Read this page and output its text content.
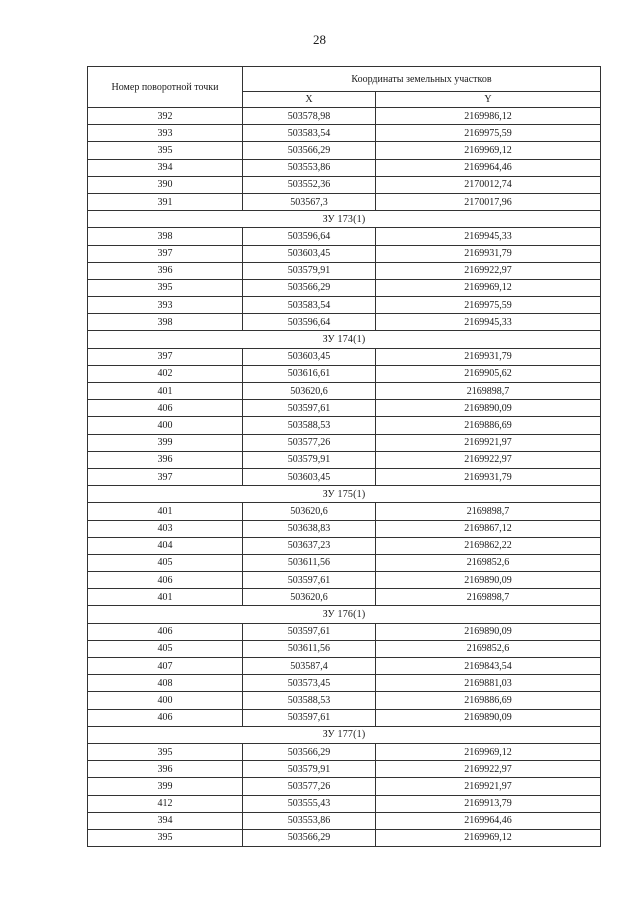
28
Номер поворотной точки	Координаты земельных участков	
	X	Y
392	503578,98	2169986,12
393	503583,54	2169975,59
395	503566,29	2169969,12
394	503553,86	2169964,46
390	503552,36	2170012,74
391	503567,3	2170017,96
ЗУ 173(1)		
398	503596,64	2169945,33
397	503603,45	2169931,79
396	503579,91	2169922,97
395	503566,29	2169969,12
393	503583,54	2169975,59
398	503596,64	2169945,33
ЗУ 174(1)		
397	503603,45	2169931,79
402	503616,61	2169905,62
401	503620,6	2169898,7
406	503597,61	2169890,09
400	503588,53	2169886,69
399	503577,26	2169921,97
396	503579,91	2169922,97
397	503603,45	2169931,79
ЗУ 175(1)		
401	503620,6	2169898,7
403	503638,83	2169867,12
404	503637,23	2169862,22
405	503611,56	2169852,6
406	503597,61	2169890,09
401	503620,6	2169898,7
ЗУ 176(1)		
406	503597,61	2169890,09
405	503611,56	2169852,6
407	503587,4	2169843,54
408	503573,45	2169881,03
400	503588,53	2169886,69
406	503597,61	2169890,09
ЗУ 177(1)		
395	503566,29	2169969,12
396	503579,91	2169922,97
399	503577,26	2169921,97
412	503555,43	2169913,79
394	503553,86	2169964,46
395	503566,29	2169969,12
